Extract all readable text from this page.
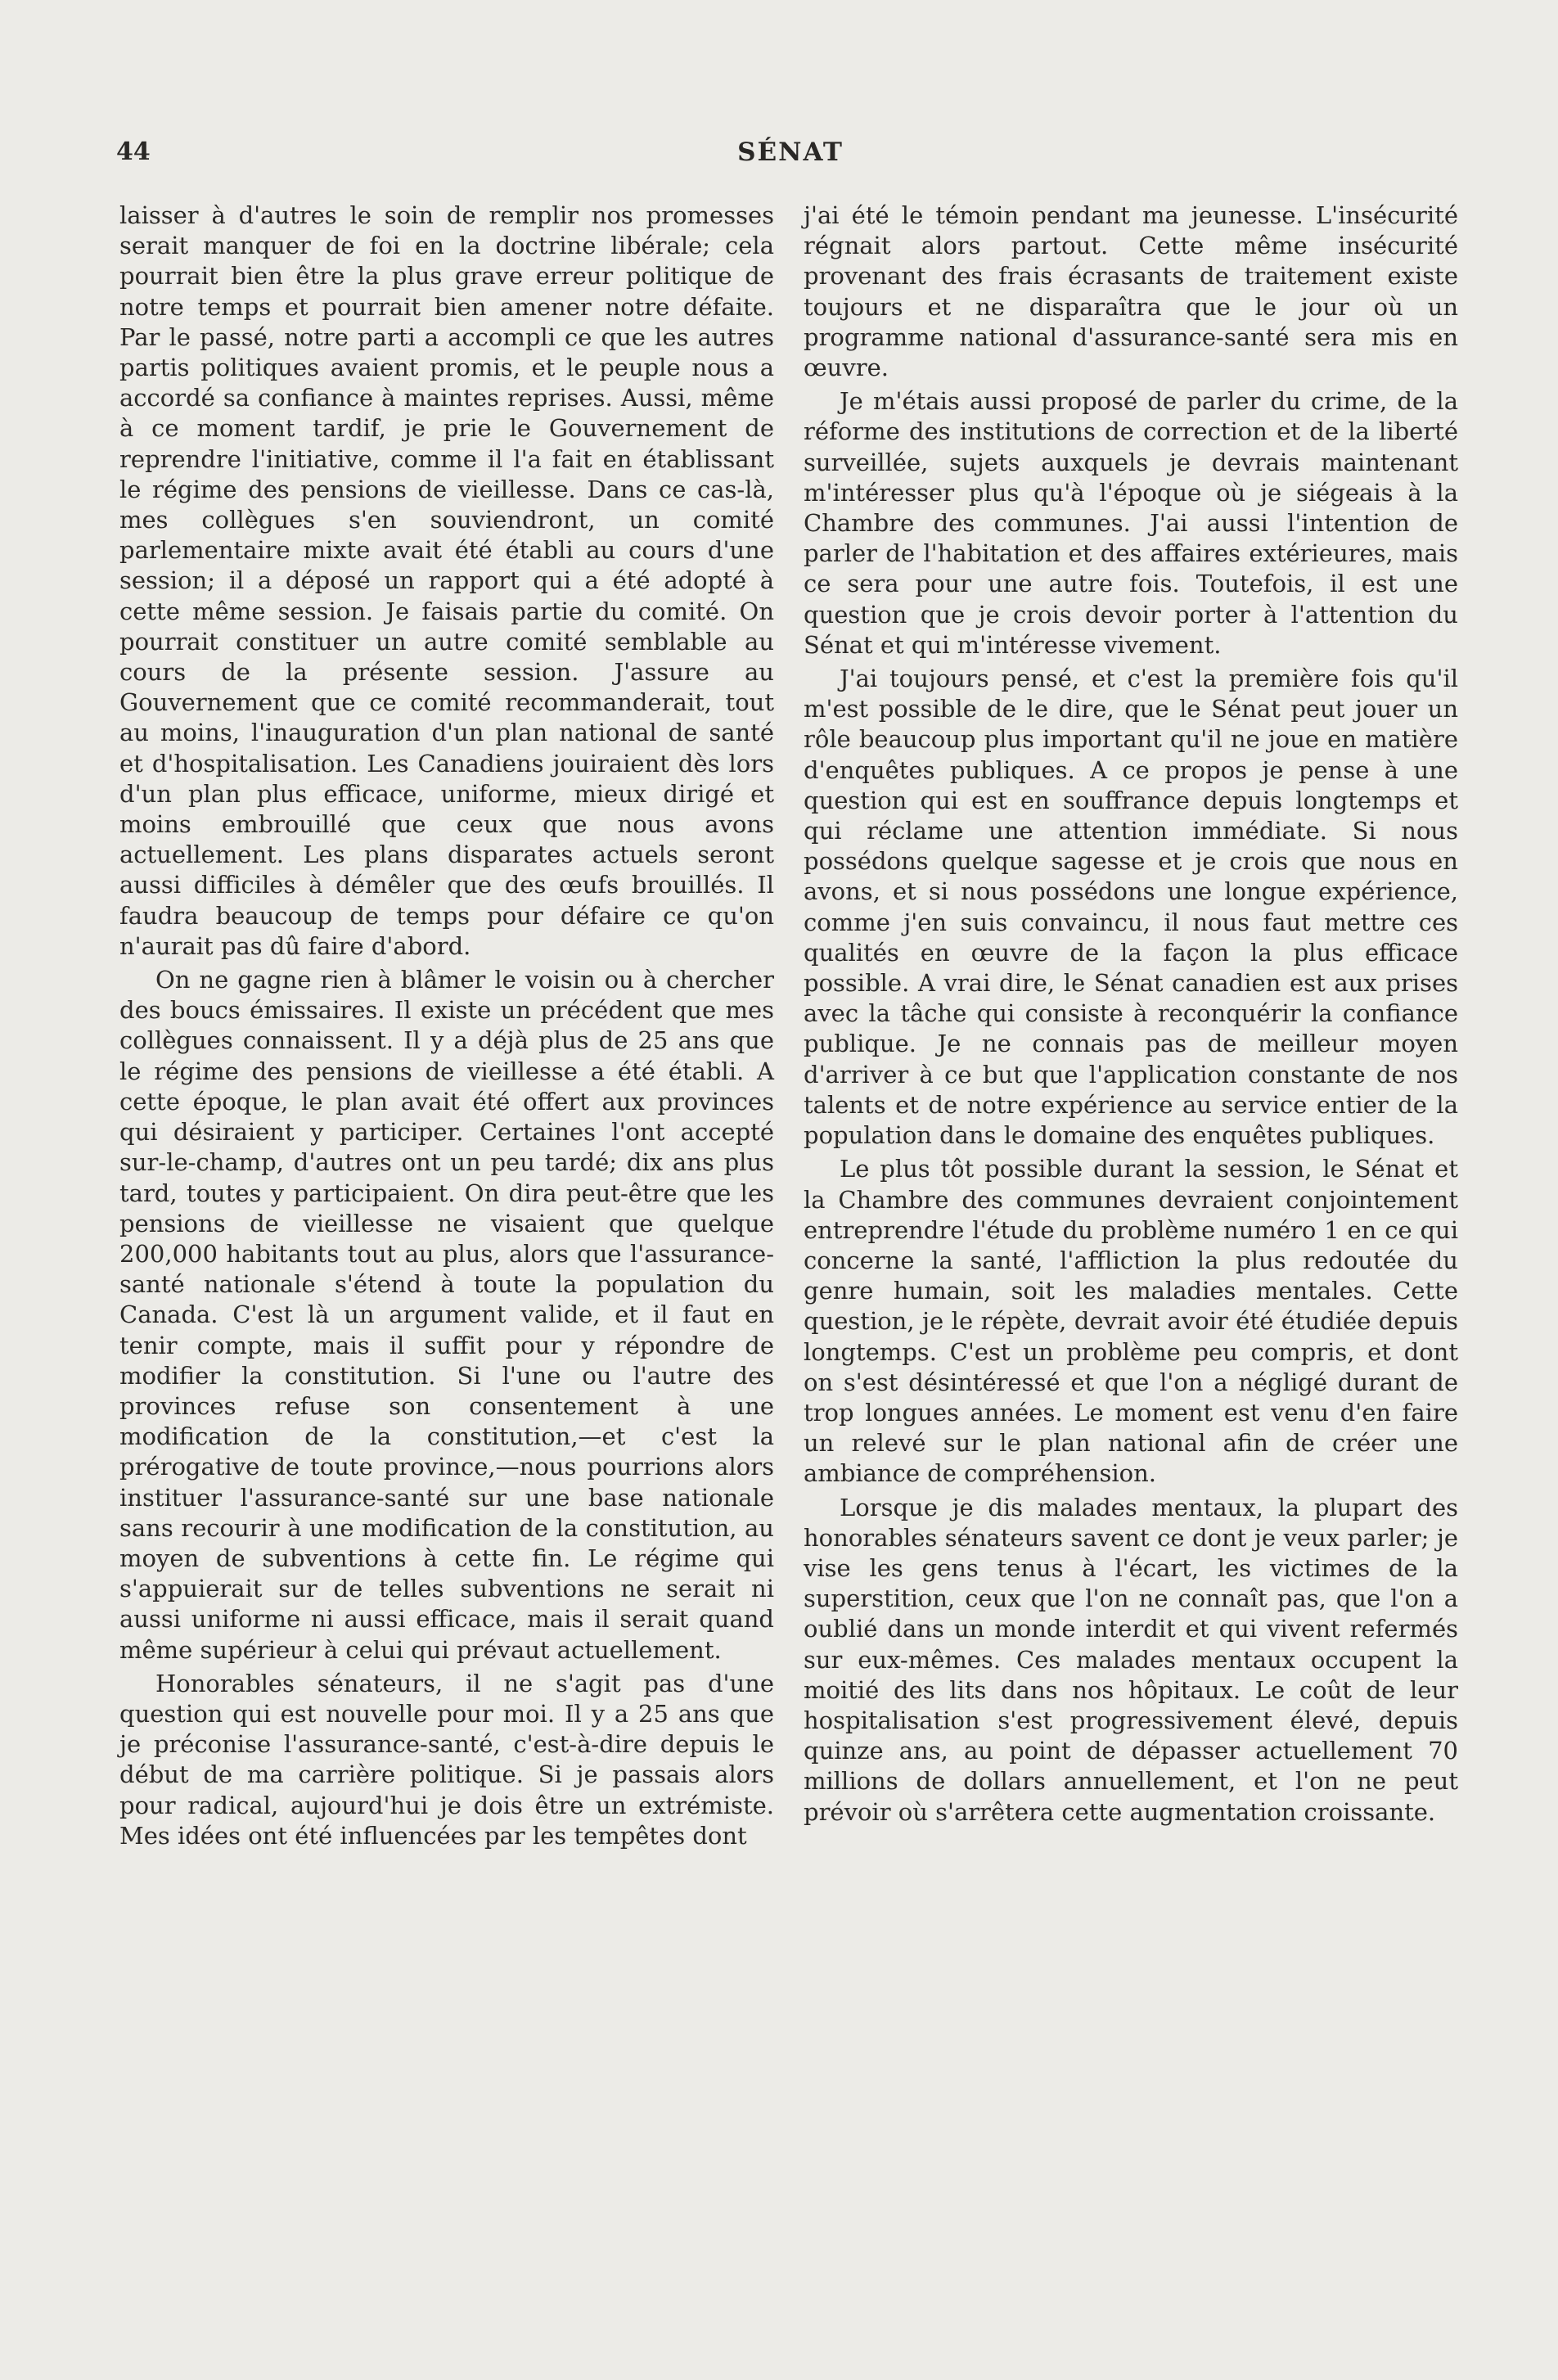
44	SÉNAT

laisser à d'autres le soin de remplir nos promesses serait manquer de foi en la doctrine libérale; cela pourrait bien être la plus grave erreur politique de notre temps et pourrait bien amener notre défaite. Par le passé, notre parti a accompli ce que les autres partis politiques avaient promis, et le peuple nous a accordé sa confiance à maintes reprises. Aussi, même à ce moment tardif, je prie le Gouvernement de reprendre l'initiative, comme il l'a fait en établissant le régime des pensions de vieillesse. Dans ce cas-là, mes collègues s'en souviendront, un comité parlementaire mixte avait été établi au cours d'une session; il a déposé un rapport qui a été adopté à cette même session. Je faisais partie du comité. On pourrait constituer un autre comité semblable au cours de la présente session. J'assure au Gouvernement que ce comité recommanderait, tout au moins, l'inauguration d'un plan national de santé et d'hospitalisation. Les Canadiens jouiraient dès lors d'un plan plus efficace, uniforme, mieux dirigé et moins embrouillé que ceux que nous avons actuellement. Les plans disparates actuels seront aussi difficiles à démêler que des œufs brouillés. Il faudra beaucoup de temps pour défaire ce qu'on n'aurait pas dû faire d'abord.

On ne gagne rien à blâmer le voisin ou à chercher des boucs émissaires. Il existe un précédent que mes collègues connaissent. Il y a déjà plus de 25 ans que le régime des pensions de vieillesse a été établi. A cette époque, le plan avait été offert aux provinces qui désiraient y participer. Certaines l'ont accepté sur-le-champ, d'autres ont un peu tardé; dix ans plus tard, toutes y participaient. On dira peut-être que les pensions de vieillesse ne visaient que quelque 200,000 habitants tout au plus, alors que l'assurance-santé nationale s'étend à toute la population du Canada. C'est là un argument valide, et il faut en tenir compte, mais il suffit pour y répondre de modifier la constitution. Si l'une ou l'autre des provinces refuse son consentement à une modification de la constitution,—et c'est la prérogative de toute province,—nous pourrions alors instituer l'assurance-santé sur une base nationale sans recourir à une modification de la constitution, au moyen de subventions à cette fin. Le régime qui s'appuierait sur de telles subventions ne serait ni aussi uniforme ni aussi efficace, mais il serait quand même supérieur à celui qui prévaut actuellement.

Honorables sénateurs, il ne s'agit pas d'une question qui est nouvelle pour moi. Il y a 25 ans que je préconise l'assurance-santé, c'est-à-dire depuis le début de ma carrière politique. Si je passais alors pour radical, aujourd'hui je dois être un extrémiste. Mes idées ont été influencées par les tempêtes dont

j'ai été le témoin pendant ma jeunesse. L'insécurité régnait alors partout. Cette même insécurité provenant des frais écrasants de traitement existe toujours et ne disparaîtra que le jour où un programme national d'assurance-santé sera mis en œuvre.

Je m'étais aussi proposé de parler du crime, de la réforme des institutions de correction et de la liberté surveillée, sujets auxquels je devrais maintenant m'intéresser plus qu'à l'époque où je siégeais à la Chambre des communes. J'ai aussi l'intention de parler de l'habitation et des affaires extérieures, mais ce sera pour une autre fois. Toutefois, il est une question que je crois devoir porter à l'attention du Sénat et qui m'intéresse vivement.

J'ai toujours pensé, et c'est la première fois qu'il m'est possible de le dire, que le Sénat peut jouer un rôle beaucoup plus important qu'il ne joue en matière d'enquêtes publiques. A ce propos je pense à une question qui est en souffrance depuis longtemps et qui réclame une attention immédiate. Si nous possédons quelque sagesse et je crois que nous en avons, et si nous possédons une longue expérience, comme j'en suis convaincu, il nous faut mettre ces qualités en œuvre de la façon la plus efficace possible. A vrai dire, le Sénat canadien est aux prises avec la tâche qui consiste à reconquérir la confiance publique. Je ne connais pas de meilleur moyen d'arriver à ce but que l'application constante de nos talents et de notre expérience au service entier de la population dans le domaine des enquêtes publiques.

Le plus tôt possible durant la session, le Sénat et la Chambre des communes devraient conjointement entreprendre l'étude du problème numéro 1 en ce qui concerne la santé, l'affliction la plus redoutée du genre humain, soit les maladies mentales. Cette question, je le répète, devrait avoir été étudiée depuis longtemps. C'est un problème peu compris, et dont on s'est désintéressé et que l'on a négligé durant de trop longues années. Le moment est venu d'en faire un relevé sur le plan national afin de créer une ambiance de compréhension.

Lorsque je dis malades mentaux, la plupart des honorables sénateurs savent ce dont je veux parler; je vise les gens tenus à l'écart, les victimes de la superstition, ceux que l'on ne connaît pas, que l'on a oublié dans un monde interdit et qui vivent refermés sur eux-mêmes. Ces malades mentaux occupent la moitié des lits dans nos hôpitaux. Le coût de leur hospitalisation s'est progressivement élevé, depuis quinze ans, au point de dépasser actuellement 70 millions de dollars annuellement, et l'on ne peut prévoir où s'arrêtera cette augmentation croissante.
